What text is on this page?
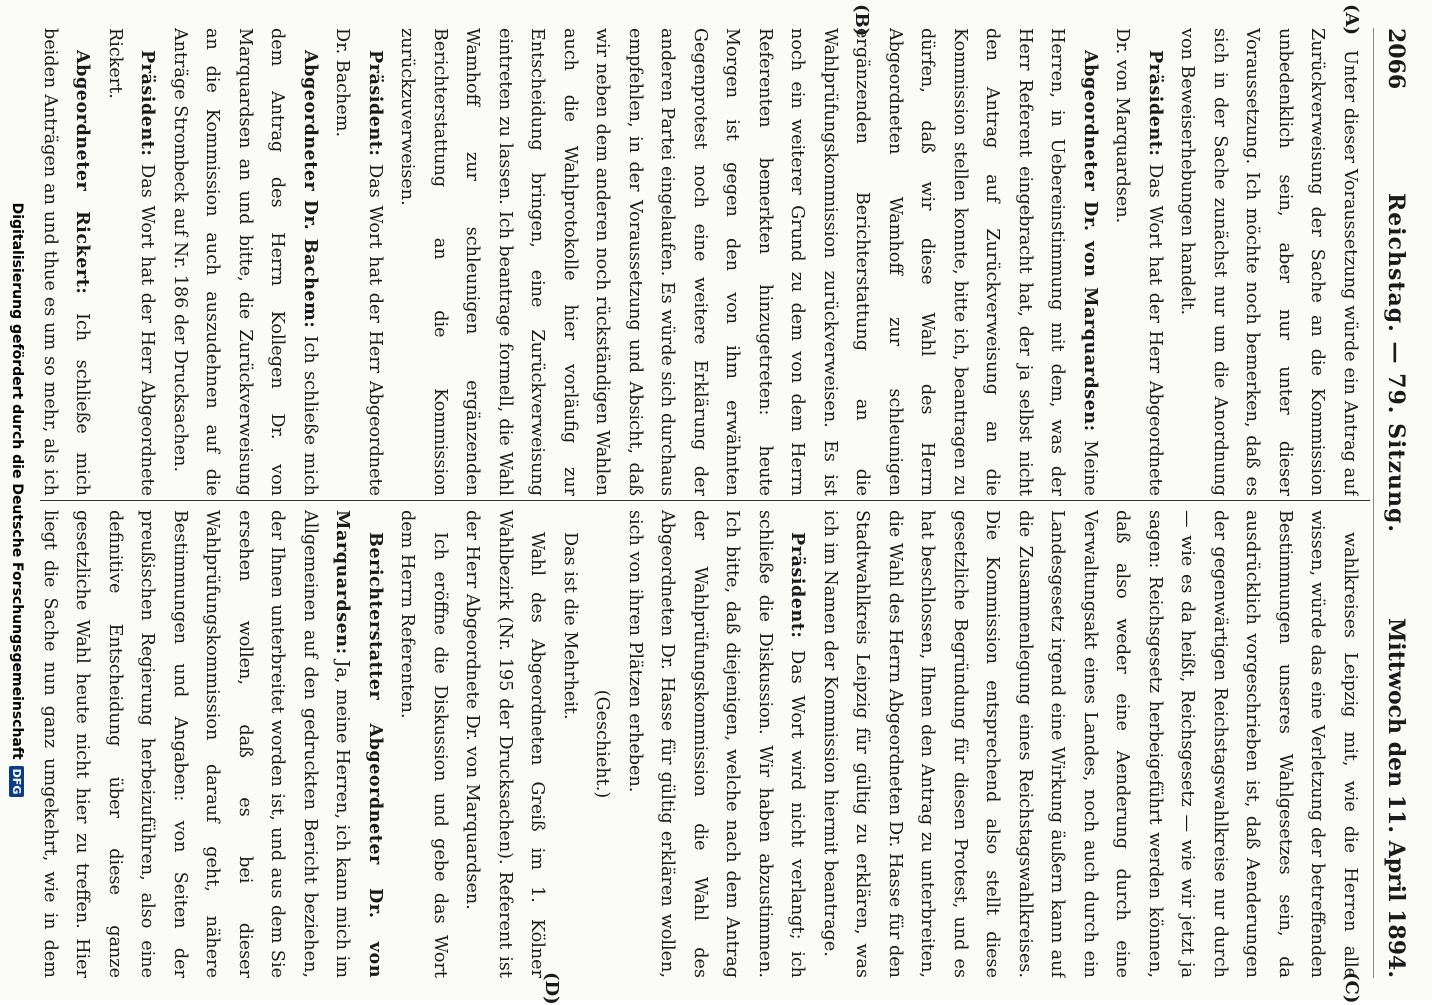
2066
Reichstag. — 79. Sitzung.
Mittwoch den 11. April 1894.
(A)
(B)
(C)
(D)

Unter dieser Voraussetzung würde ein Antrag auf Zurückverweisung der Sache an die Kommission unbedenklich sein, aber nur unter dieser Voraussetzung. Ich möchte noch bemerken, daß es sich in der Sache zunächst nur um die Anordnung von Beweiserhebungen handelt.

Präsident: Das Wort hat der Herr Abgeordnete Dr. von Marquardsen.

Abgeordneter Dr. von Marquardsen: Meine Herren, in Uebereinstimmung mit dem, was der Herr Referent eingebracht hat, der ja selbst nicht den Antrag auf Zurückverweisung an die Kommission stellen konnte, bitte ich, beantragen zu dürfen, daß wir diese Wahl des Herrn Abgeordneten Wamhoff zur schleunigen ergänzenden Berichterstattung an die Wahlprüfungskommission zurückverweisen. Es ist noch ein weiterer Grund zu dem von dem Herrn Referenten bemerkten hinzugetreten: heute Morgen ist gegen den von ihm erwähnten Gegenprotest noch eine weitere Erklärung der anderen Partei eingelaufen. Es würde sich durchaus empfehlen, in der Voraussetzung und Absicht, daß wir neben dem anderen noch rückständigen Wahlen auch die Wahlprotokolle hier vorläufig zur Entscheidung bringen, eine Zurückverweisung eintreten zu lassen. Ich beantrage formell, die Wahl Wamhoff zur schleunigen ergänzenden Berichterstattung an die Kommission zurückzuverweisen.

Präsident: Das Wort hat der Herr Abgeordnete Dr. Bachem.

Abgeordneter Dr. Bachem: Ich schließe mich dem Antrag des Herrn Kollegen Dr. von Marquardsen an und bitte, die Zurückverweisung an die Kommission auch auszudehnen auf die Anträge Strombeck auf Nr. 186 der Drucksachen.

Präsident: Das Wort hat der Herr Abgeordnete Rickert.

Abgeordneter Rickert: Ich schließe mich beiden Anträgen an und thue es um so mehr, als ich

wahlkreises Leipzig mit, wie die Herren alle wissen, würde das eine Verletzung der betreffenden Bestimmungen unseres Wahlgesetzes sein, da ausdrücklich vorgeschrieben ist, daß Aenderungen der gegenwärtigen Reichstagswahlkreise nur durch — wie es da heißt, Reichsgesetz — wie wir jetzt ja sagen: Reichsgesetz herbeigeführt werden können, daß also weder eine Aenderung durch eine Verwaltungsakt eines Landes, noch auch durch ein Landesgesetz irgend eine Wirkung äußern kann auf die Zusammenlegung eines Reichstagswahlkreises. Die Kommission entsprechend also stellt diese gesetzliche Begründung für diesen Protest, und es hat beschlossen, Ihnen den Antrag zu unterbreiten, die Wahl des Herrn Abgeordneten Dr. Hasse für den Stadtwahlkreis Leipzig für gültig zu erklären, was ich im Namen der Kommission hiermit beantrage.

Präsident: Das Wort wird nicht verlangt; ich schließe die Diskussion. Wir haben abzustimmen. Ich bitte, daß diejenigen, welche nach dem Antrag der Wahlprüfungskommission die Wahl des Abgeordneten Dr. Hasse für gültig erklären wollen, sich von ihren Plätzen erheben.

(Geschieht.)

Das ist die Mehrheit.

Wahl des Abgeordneten Greiß im 1. Kölner Wahlbezirk (Nr. 195 der Drucksachen). Referent ist der Herr Abgeordnete Dr. von Marquardsen.

Ich eröffne die Diskussion und gebe das Wort dem Herrn Referenten.

Berichterstatter Abgeordneter Dr. von Marquardsen: Ja, meine Herren, ich kann mich im Allgemeinen auf den gedruckten Bericht beziehen, der Ihnen unterbreitet worden ist, und aus dem Sie ersehen wollen, daß es bei dieser Wahlprüfungskommission darauf geht, nähere Bestimmungen und Angaben: von Seiten der preußischen Regierung herbeizuführen, also eine definitive Entscheidung über diese ganze gesetzliche Wahl heute nicht hier zu treffen. Hier liegt die Sache nun ganz umgekehrt, wie in dem

Digitalisierung gefördert durch die Deutsche Forschungsgemeinschaft
DFG
